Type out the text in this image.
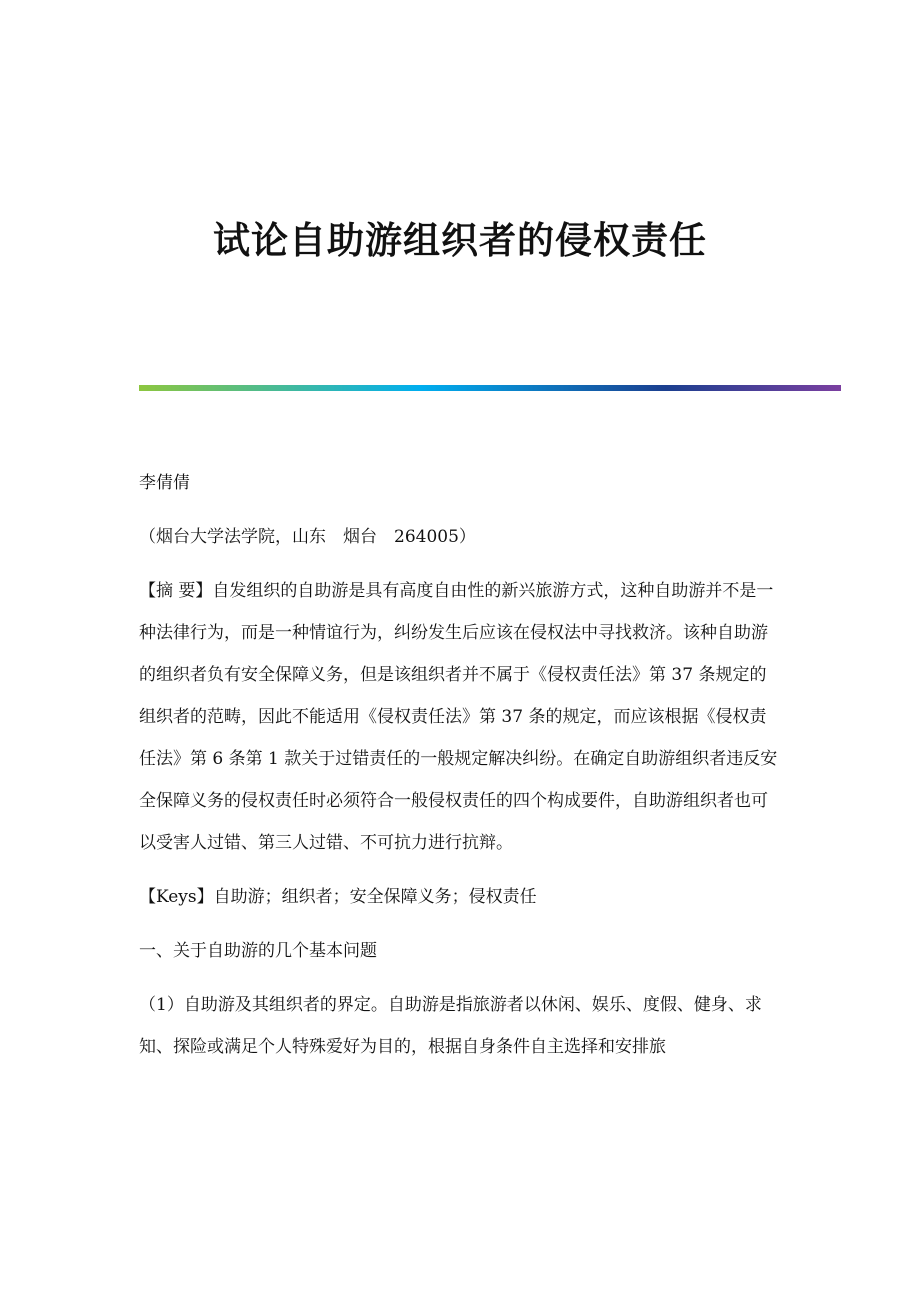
试论自助游组织者的侵权责任

李倩倩

（烟台大学法学院，山东　烟台　264005）

【摘 要】自发组织的自助游是具有高度自由性的新兴旅游方式，这种自助游并不是一种法律行为，而是一种情谊行为，纠纷发生后应该在侵权法中寻找救济。该种自助游的组织者负有安全保障义务，但是该组织者并不属于《侵权责任法》第 37 条规定的组织者的范畴，因此不能适用《侵权责任法》第 37 条的规定，而应该根据《侵权责任法》第 6 条第 1 款关于过错责任的一般规定解决纠纷。在确定自助游组织者违反安全保障义务的侵权责任时必须符合一般侵权责任的四个构成要件，自助游组织者也可以受害人过错、第三人过错、不可抗力进行抗辩。

【Keys】自助游；组织者；安全保障义务；侵权责任

一、关于自助游的几个基本问题

（1）自助游及其组织者的界定。自助游是指旅游者以休闲、娱乐、度假、健身、求知、探险或满足个人特殊爱好为目的，根据自身条件自主选择和安排旅
